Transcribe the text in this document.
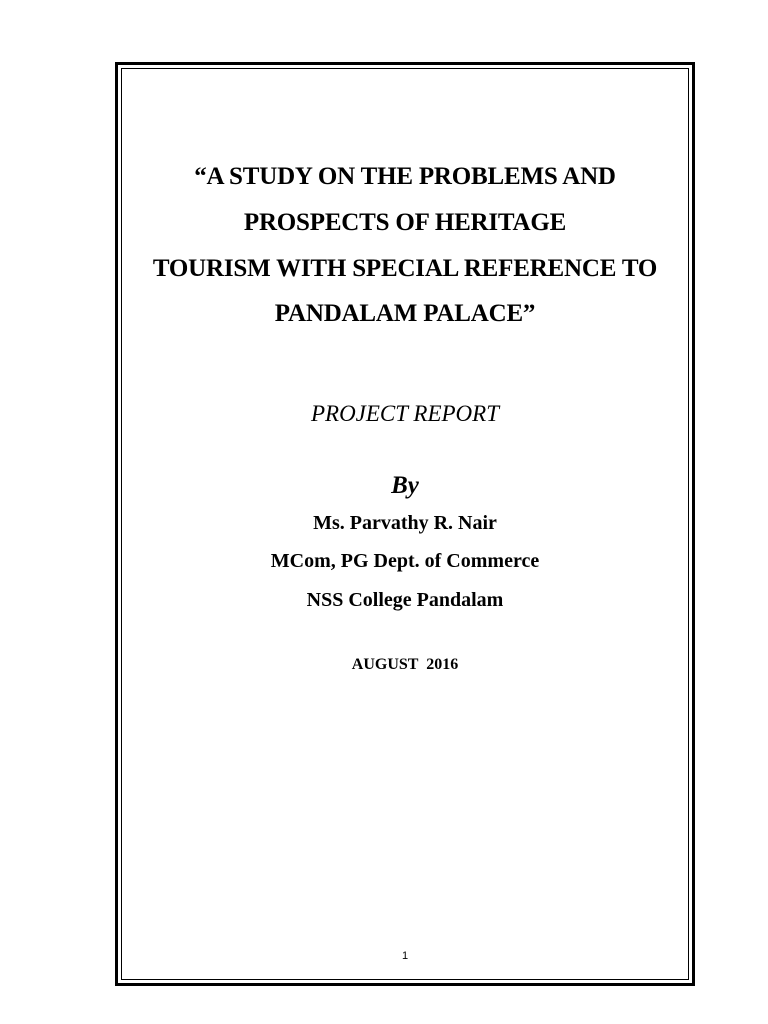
“A STUDY ON THE PROBLEMS AND
PROSPECTS OF HERITAGE
TOURISM WITH SPECIAL REFERENCE TO
PANDALAM PALACE”
PROJECT REPORT
By
Ms. Parvathy R. Nair
MCom, PG Dept. of Commerce
NSS College Pandalam
AUGUST  2016
1
